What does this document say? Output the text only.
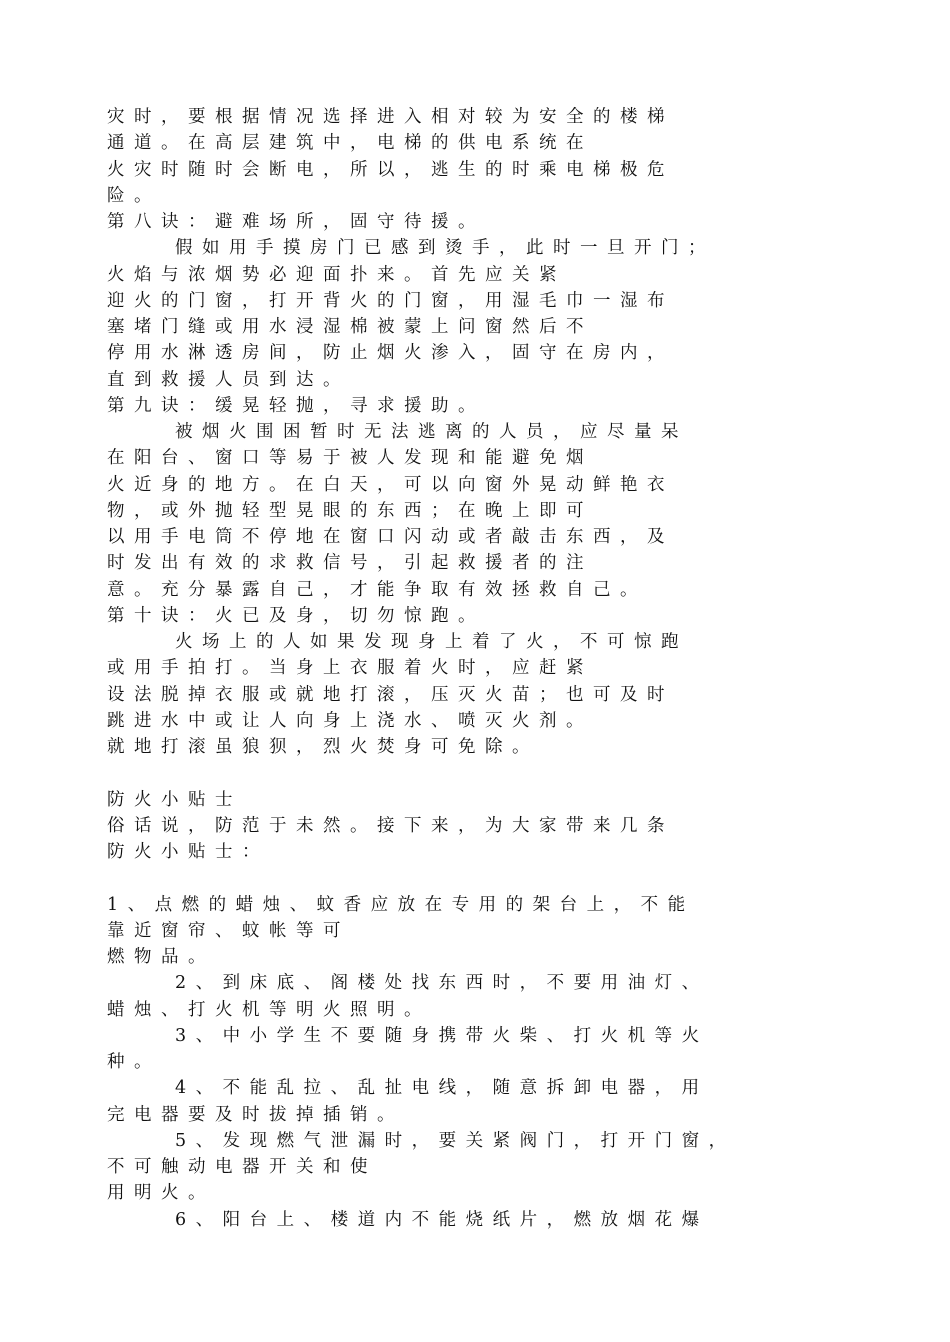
灾时，要根据情况选择进入相对较为安全的楼梯
通道。在高层建筑中，电梯的供电系统在
火灾时随时会断电，所以，逃生的时乘电梯极危
险。
第八诀：避难场所，固守待援。
假如用手摸房门已感到烫手，此时一旦开门；
火焰与浓烟势必迎面扑来。首先应关紧
迎火的门窗，打开背火的门窗，用湿毛巾一湿布
塞堵门缝或用水浸湿棉被蒙上问窗然后不
停用水淋透房间，防止烟火渗入，固守在房内，
直到救援人员到达。
第九诀：缓晃轻抛，寻求援助。
被烟火围困暂时无法逃离的人员，应尽量呆
在阳台、窗口等易于被人发现和能避免烟
火近身的地方。在白天，可以向窗外晃动鲜艳衣
物，或外抛轻型晃眼的东西；在晚上即可
以用手电筒不停地在窗口闪动或者敲击东西，及
时发出有效的求救信号，引起救援者的注
意。充分暴露自己，才能争取有效拯救自己。
第十诀：火已及身，切勿惊跑。
火场上的人如果发现身上着了火，不可惊跑
或用手拍打。当身上衣服着火时，应赶紧
设法脱掉衣服或就地打滚，压灭火苗；也可及时
跳进水中或让人向身上浇水、喷灭火剂。
就地打滚虽狼狈，烈火焚身可免除。
防火小贴士
俗话说，防范于未然。接下来，为大家带来几条
防火小贴士：
1、点燃的蜡烛、蚊香应放在专用的架台上，不能
靠近窗帘、蚊帐等可
燃物品。
2、到床底、阁楼处找东西时，不要用油灯、
蜡烛、打火机等明火照明。
3、中小学生不要随身携带火柴、打火机等火
种。
4、不能乱拉、乱扯电线，随意拆卸电器，用
完电器要及时拔掉插销。
5、发现燃气泄漏时，要关紧阀门，打开门窗，
不可触动电器开关和使
用明火。
6、阳台上、楼道内不能烧纸片，燃放烟花爆
